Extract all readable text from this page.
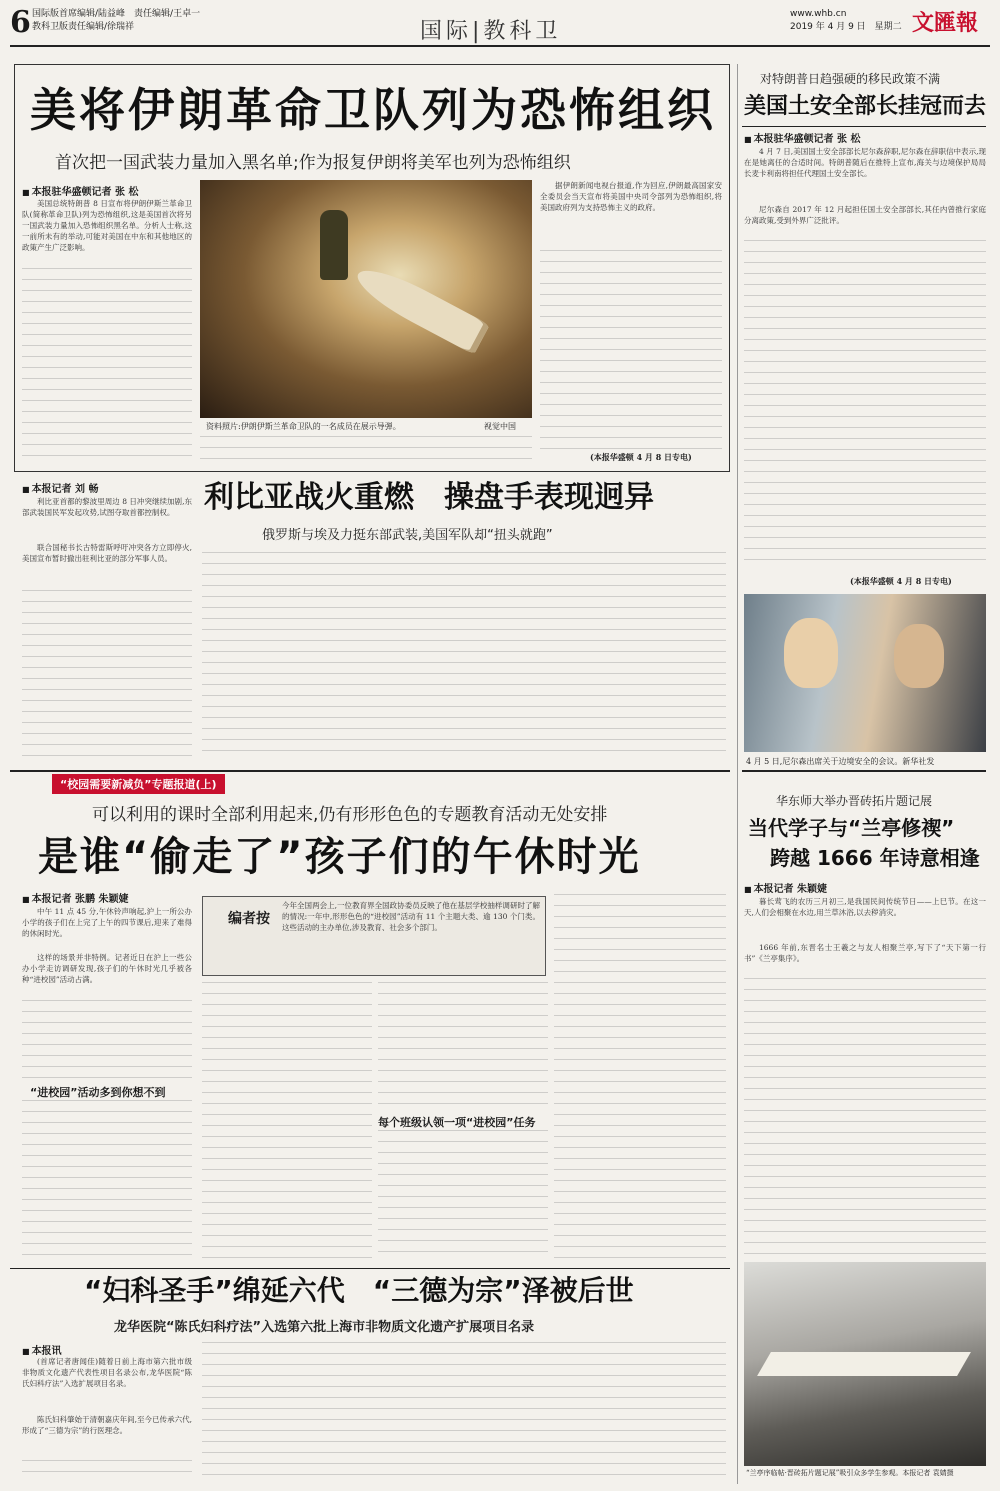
6 国际版首席编辑/陆益峰　责任编辑/王卓一
教科卫版责任编辑/徐瑞祥	国际|教科卫
www.whb.cn
2019 年 4 月 9 日　星期二 文匯報
美将伊朗革命卫队列为恐怖组织
首次把一国武装力量加入黑名单;作为报复伊朗将美军也列为恐怖组织
■ 本报驻华盛顿记者 张 松
美国总统特朗普 8 日宣布将伊朗伊斯兰革命卫队(简称革命卫队)列为恐怖组织,这是美国首次将另一国武装力量加入恐怖组织黑名单。分析人士称,这一前所未有的举动,可能对美国在中东和其他地区的政策产生广泛影响。
资料照片:伊朗伊斯兰革命卫队的一名成员在展示导弹。	视觉中国
据伊朗新闻电视台报道,作为回应,伊朗最高国家安全委员会当天宣布将美国中央司令部列为恐怖组织,将美国政府列为支持恐怖主义的政府。
(本报华盛顿 4 月 8 日专电)
对特朗普日趋强硬的移民政策不满
美国土安全部长挂冠而去
■ 本报驻华盛顿记者 张 松
4 月 7 日,美国国土安全部部长尼尔森辞职,尼尔森在辞职信中表示,现在是她离任的合适时间。特朗普随后在推特上宣布,海关与边境保护局局长麦卡利南将担任代理国土安全部长。
尼尔森自 2017 年 12 月起担任国土安全部部长,其任内曾推行家庭分离政策,受到外界广泛批评。
(本报华盛顿 4 月 8 日专电)
4 月 5 日,尼尔森出席关于边境安全的会议。新华社发
■ 本报记者 刘 畅
利比亚首都的黎波里周边 8 日冲突继续加剧,东部武装国民军发起攻势,试图夺取首都控制权。
联合国秘书长古特雷斯呼吁冲突各方立即停火,美国宣布暂时撤出驻利比亚的部分军事人员。
利比亚战火重燃　操盘手表现迥异
俄罗斯与埃及力挺东部武装,美国军队却“扭头就跑”
“校园需要新减负”专题报道(上)
可以利用的课时全部利用起来,仍有形形色色的专题教育活动无处安排
是谁“偷走了”孩子们的午休时光
■ 本报记者 张鹏 朱颖婕
中午 11 点 45 分,午休铃声响起,沪上一所公办小学的孩子们在上完了上午的四节课后,迎来了难得的休闲时光。
这样的场景并非特例。记者近日在沪上一些公办小学走访调研发现,孩子们的午休时光几乎被各种“进校园”活动占满。
“进校园”活动多到你想不到
编者按
今年全国两会上,一位教育界全国政协委员反映了他在基层学校抽样调研时了解的情况:一年中,形形色色的“进校园”活动有 11 个主题大类、逾 130 个门类。这些活动的主办单位,涉及教育、社会多个部门。
每个班级认领一项“进校园”任务
华东师大举办晋砖拓片题记展
当代学子与“兰亭修禊”
跨越 1666 年诗意相逢
■ 本报记者 朱颖婕
暮长莺飞的农历三月初三,是我国民间传统节日——上巳节。在这一天,人们会相聚在水边,用兰草沐浴,以去秽消灾。
1666 年前,东晋名士王羲之与友人相聚兰亭,写下了“天下第一行书”《兰亭集序》。
“兰亭序临帖·晋砖拓片题记展”吸引众多学生参观。本报记者 袁婧摄
“妇科圣手”绵延六代　“三德为宗”泽被后世
龙华医院“陈氏妇科疗法”入选第六批上海市非物质文化遗产扩展项目名录
■ 本报讯
(首席记者唐闻佳)随着日前上海市第六批市级非物质文化遗产代表性项目名录公布,龙华医院“陈氏妇科疗法”入选扩展项目名录。
陈氏妇科肇始于清朝嘉庆年间,至今已传承六代,形成了“三德为宗”的行医理念。
